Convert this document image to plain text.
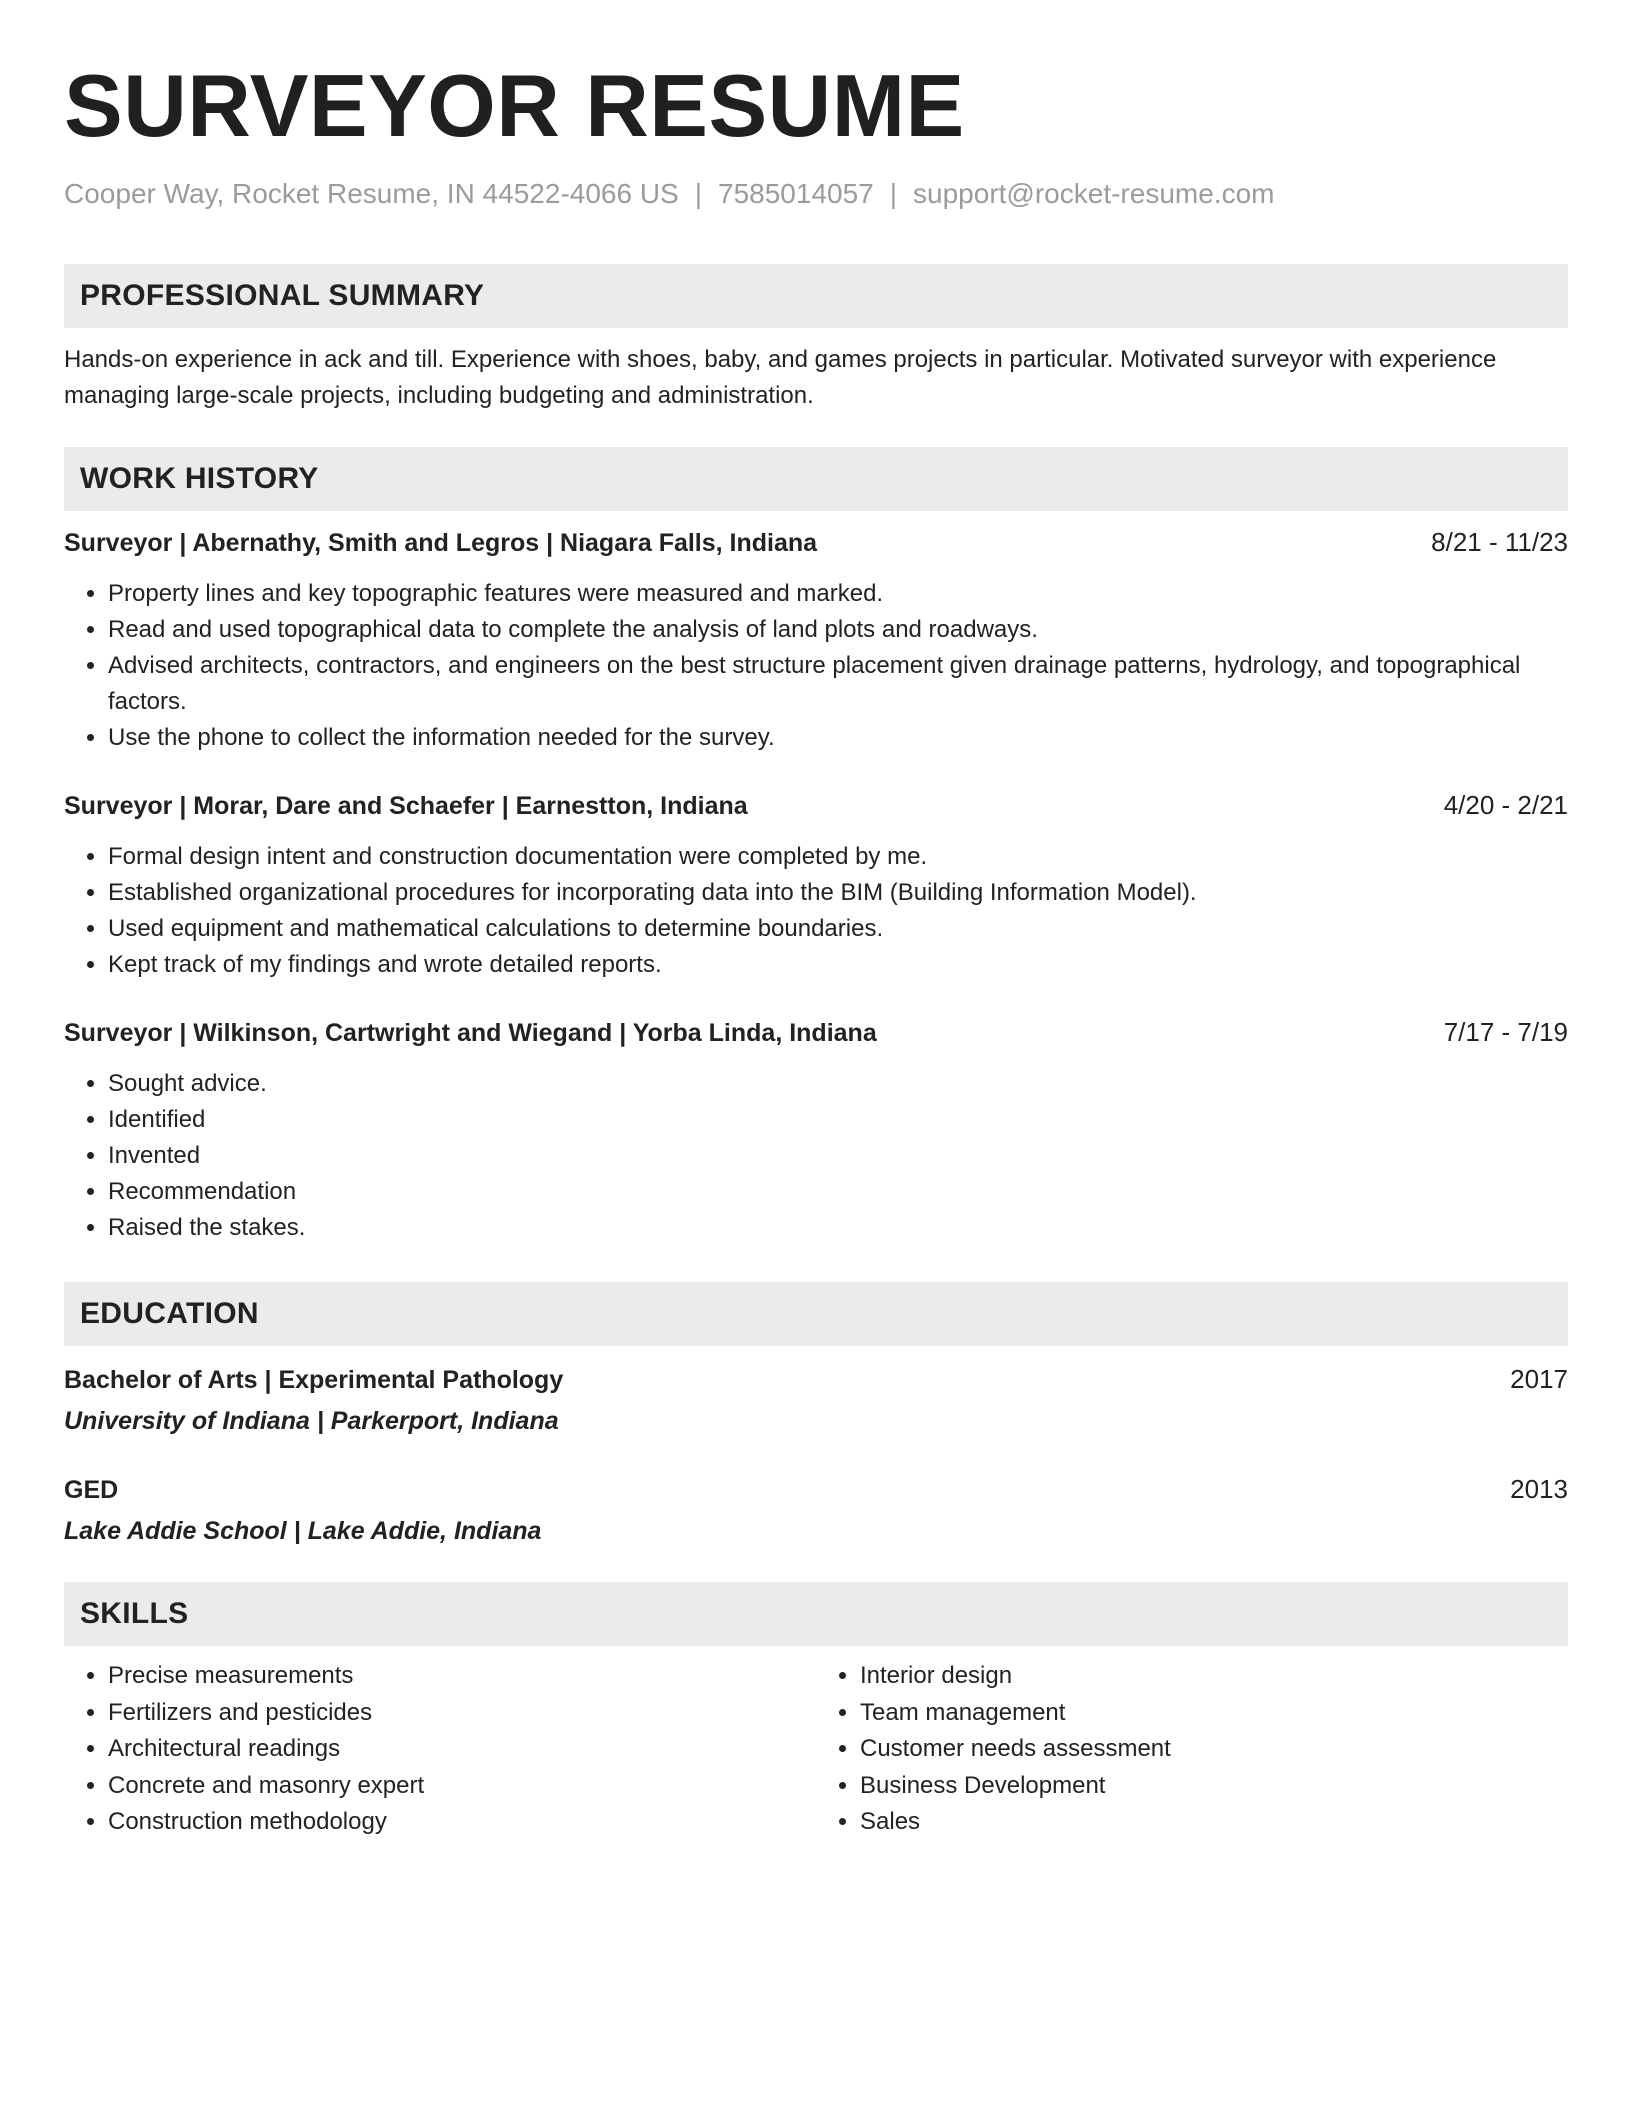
SURVEYOR RESUME
Cooper Way, Rocket Resume, IN 44522-4066 US | 7585014057 | support@rocket-resume.com
PROFESSIONAL SUMMARY
Hands-on experience in ack and till. Experience with shoes, baby, and games projects in particular. Motivated surveyor with experience managing large-scale projects, including budgeting and administration.
WORK HISTORY
Surveyor | Abernathy, Smith and Legros | Niagara Falls, Indiana	8/21 - 11/23
• Property lines and key topographic features were measured and marked.
• Read and used topographical data to complete the analysis of land plots and roadways.
• Advised architects, contractors, and engineers on the best structure placement given drainage patterns, hydrology, and topographical factors.
• Use the phone to collect the information needed for the survey.
Surveyor | Morar, Dare and Schaefer | Earnestton, Indiana	4/20 - 2/21
• Formal design intent and construction documentation were completed by me.
• Established organizational procedures for incorporating data into the BIM (Building Information Model).
• Used equipment and mathematical calculations to determine boundaries.
• Kept track of my findings and wrote detailed reports.
Surveyor | Wilkinson, Cartwright and Wiegand | Yorba Linda, Indiana	7/17 - 7/19
• Sought advice.
• Identified
• Invented
• Recommendation
• Raised the stakes.
EDUCATION
Bachelor of Arts | Experimental Pathology	2017
University of Indiana | Parkerport, Indiana
GED	2013
Lake Addie School | Lake Addie, Indiana
SKILLS
• Precise measurements
• Fertilizers and pesticides
• Architectural readings
• Concrete and masonry expert
• Construction methodology
• Interior design
• Team management
• Customer needs assessment
• Business Development
• Sales
